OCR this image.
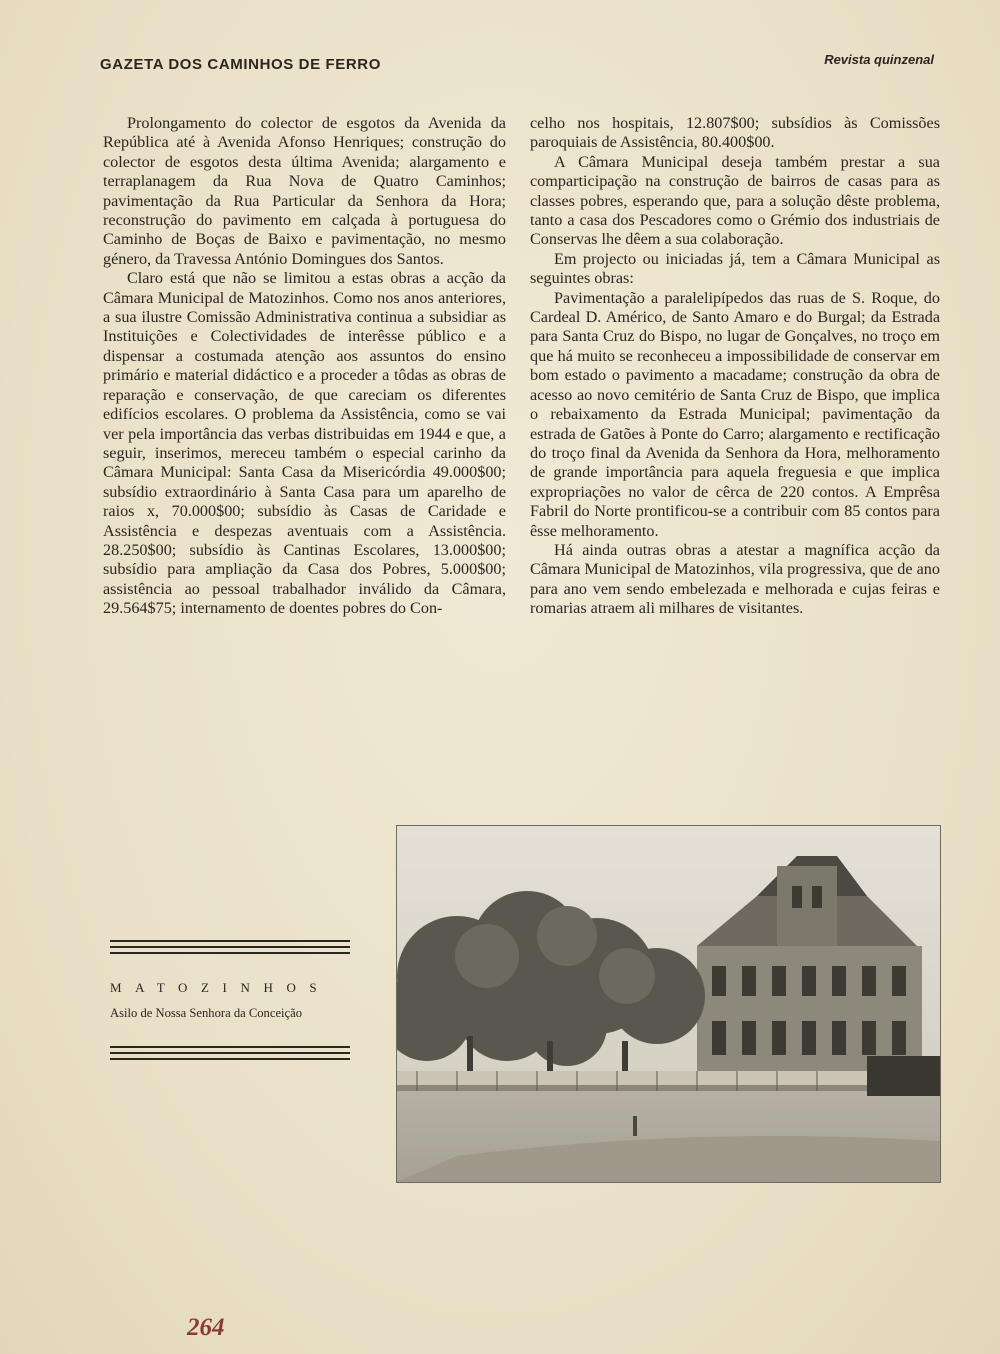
GAZETA DOS CAMINHOS DE FERRO	Revista quinzenal

Prolongamento do colector de esgotos da Avenida da República até à Avenida Afonso Henriques; construção do colector de esgotos desta última Avenida; alargamento e terraplanagem da Rua Nova de Quatro Caminhos; pavimentação da Rua Particular da Senhora da Hora; reconstrução do pavimento em calçada à portuguesa do Caminho de Boças de Baixo e pavimentação, no mesmo género, da Travessa António Domingues dos Santos.

Claro está que não se limitou a estas obras a acção da Câmara Municipal de Matozinhos. Como nos anos anteriores, a sua ilustre Comissão Administrativa continua a subsidiar as Instituições e Colectividades de interêsse público e a dispensar a costumada atenção aos assuntos do ensino primário e material didáctico e a proceder a tôdas as obras de reparação e conservação, de que careciam os diferentes edifícios escolares. O problema da Assistência, como se vai ver pela importância das verbas distribuidas em 1944 e que, a seguir, inserimos, mereceu também o especial carinho da Câmara Municipal: Santa Casa da Misericórdia 49.000$00; subsídio extraordinário à Santa Casa para um aparelho de raios x, 70.000$00; subsídio às Casas de Caridade e Assistência e despezas aventuais com a Assistência. 28.250$00; subsídio às Cantinas Escolares, 13.000$00; subsídio para ampliação da Casa dos Pobres, 5.000$00; assistência ao pessoal trabalhador inválido da Câmara, 29.564$75; internamento de doentes pobres do Con-

celho nos hospitais, 12.807$00; subsídios às Comissões paroquiais de Assistência, 80.400$00.

A Câmara Municipal deseja também prestar a sua comparticipação na construção de bairros de casas para as classes pobres, esperando que, para a solução dêste problema, tanto a casa dos Pescadores como o Grémio dos industriais de Conservas lhe dêem a sua colaboração.

Em projecto ou iniciadas já, tem a Câmara Municipal as seguintes obras:

Pavimentação a paralelipípedos das ruas de S. Roque, do Cardeal D. Américo, de Santo Amaro e do Burgal; da Estrada para Santa Cruz do Bispo, no lugar de Gonçalves, no troço em que há muito se reconheceu a impossibilidade de conservar em bom estado o pavimento a macadame; construção da obra de acesso ao novo cemitério de Santa Cruz de Bispo, que implica o rebaixamento da Estrada Municipal; pavimentação da estrada de Gatões à Ponte do Carro; alargamento e rectificação do troço final da Avenida da Senhora da Hora, melhoramento de grande importância para aquela freguesia e que implica expropriações no valor de cêrca de 220 contos. A Emprêsa Fabril do Norte prontificou-se a contribuir com 85 contos para êsse melhoramento.

Há ainda outras obras a atestar a magnífica acção da Câmara Municipal de Matozinhos, vila progressiva, que de ano para ano vem sendo embelezada e melhorada e cujas feiras e romarias atraem ali milhares de visitantes.

MATOZINHOS
Asilo de Nossa Senhora da Conceição
264
